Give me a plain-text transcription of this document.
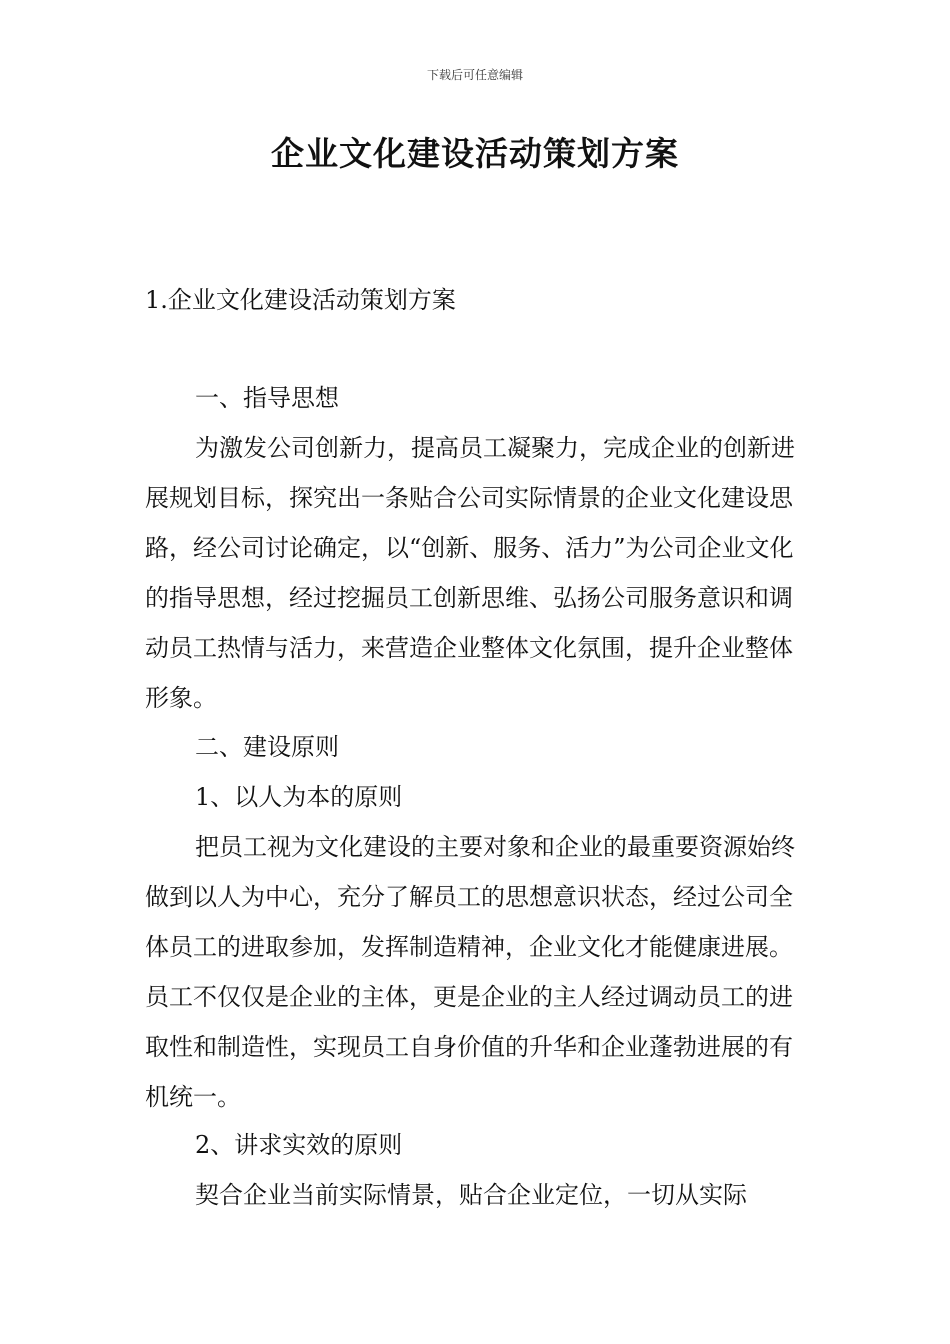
下载后可任意编辑
企业文化建设活动策划方案
1.企业文化建设活动策划方案
一、指导思想

为激发公司创新力，提高员工凝聚力，完成企业的创新进展规划目标，探究出一条贴合公司实际情景的企业文化建设思路，经公司讨论确定，以“创新、服务、活力”为公司企业文化的指导思想，经过挖掘员工创新思维、弘扬公司服务意识和调动员工热情与活力，来营造企业整体文化氛围，提升企业整体形象。

二、建设原则
1、以人为本的原则

把员工视为文化建设的主要对象和企业的最重要资源始终做到以人为中心，充分了解员工的思想意识状态，经过公司全体员工的进取参加，发挥制造精神，企业文化才能健康进展。员工不仅仅是企业的主体，更是企业的主人经过调动员工的进取性和制造性，实现员工自身价值的升华和企业蓬勃进展的有机统一。

2、讲求实效的原则

契合企业当前实际情景，贴合企业定位，一切从实际
